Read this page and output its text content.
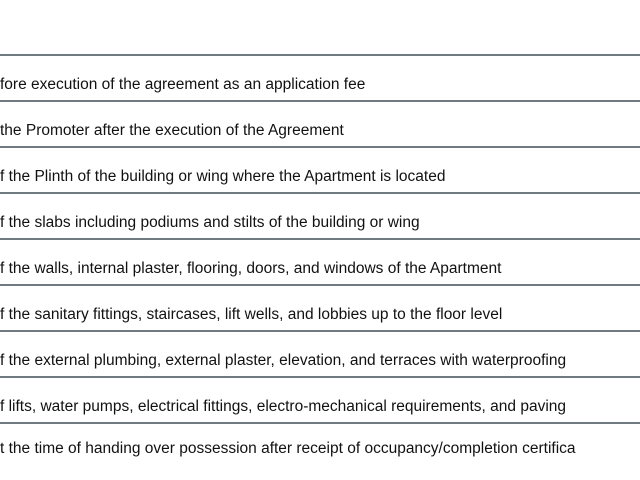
fore execution of the agreement as an application fee
the Promoter after the execution of the Agreement
f the Plinth of the building or wing where the Apartment is located
f the slabs including podiums and stilts of the building or wing
f the walls, internal plaster, flooring, doors, and windows of the Apartment
f the sanitary fittings, staircases, lift wells, and lobbies up to the floor level
f the external plumbing, external plaster, elevation, and terraces with waterproofing
f lifts, water pumps, electrical fittings, electro-mechanical requirements, and paving
t the time of handing over possession after receipt of occupancy/completion certifica
